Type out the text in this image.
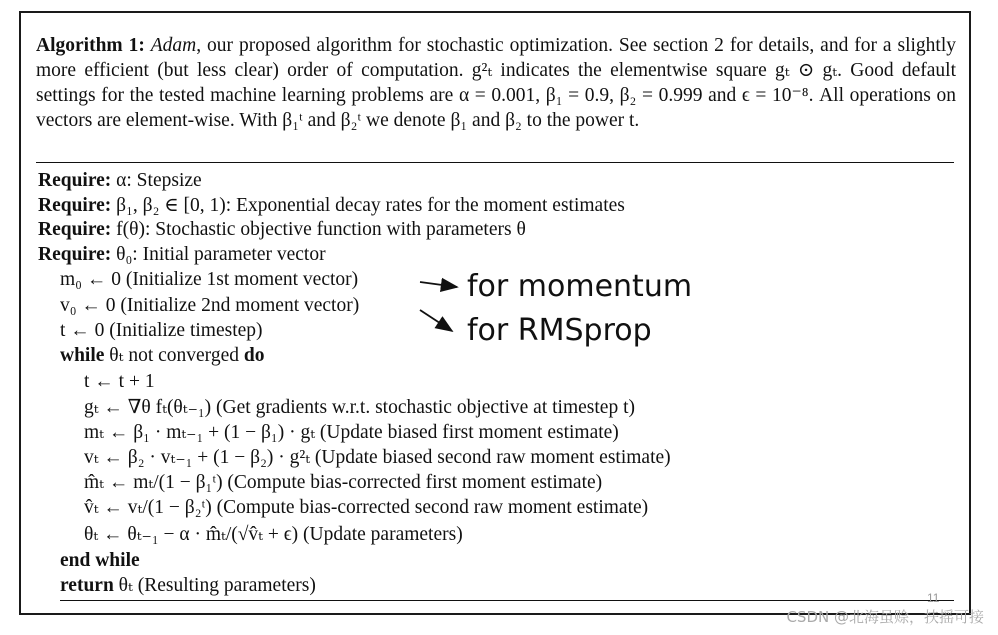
Algorithm 1: Adam, our proposed algorithm for stochastic optimization. See section 2 for details, and for a slightly more efficient (but less clear) order of computation. g²ₜ indicates the elementwise square gₜ ⊙ gₜ. Good default settings for the tested machine learning problems are α = 0.001, β₁ = 0.9, β₂ = 0.999 and ϵ = 10⁻⁸. All operations on vectors are element-wise. With β₁ᵗ and β₂ᵗ we denote β₁ and β₂ to the power t.
Require: α: Stepsize
Require: β₁, β₂ ∈ [0, 1): Exponential decay rates for the moment estimates
Require: f(θ): Stochastic objective function with parameters θ
Require: θ₀: Initial parameter vector
m₀ ← 0 (Initialize 1st moment vector)
v₀ ← 0 (Initialize 2nd moment vector)
t ← 0 (Initialize timestep)
while θₜ not converged do
t ← t + 1
gₜ ← ∇θ fₜ(θₜ₋₁) (Get gradients w.r.t. stochastic objective at timestep t)
mₜ ← β₁ · mₜ₋₁ + (1 − β₁) · gₜ (Update biased first moment estimate)
vₜ ← β₂ · vₜ₋₁ + (1 − β₂) · g²ₜ (Update biased second raw moment estimate)
m̂ₜ ← mₜ/(1 − β₁ᵗ) (Compute bias-corrected first moment estimate)
v̂ₜ ← vₜ/(1 − β₂ᵗ) (Compute bias-corrected second raw moment estimate)
θₜ ← θₜ₋₁ − α · m̂ₜ/(√v̂ₜ + ϵ) (Update parameters)
end while
return θₜ (Resulting parameters)
for momentum
for RMSprop
11
CSDN @北海虽赊，扶摇可接
